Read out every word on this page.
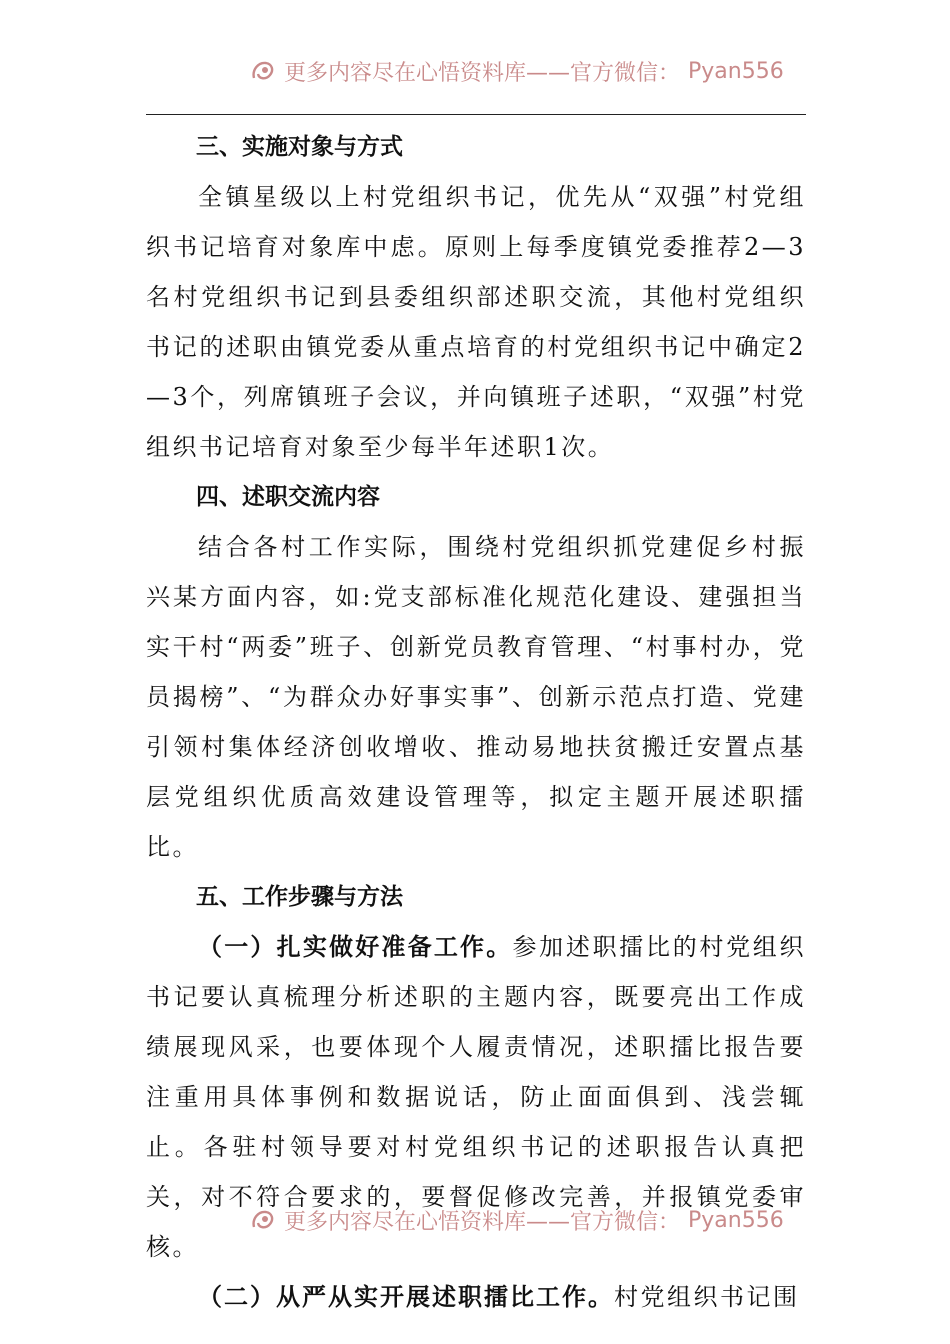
更多内容尽在心悟资料库——官方微信： Pyan556
三、实施对象与方式

全镇星级以上村党组织书记，优先从“双强”村党组织书记培育对象库中虑。原则上每季度镇党委推荐2—3名村党组织书记到县委组织部述职交流，其他村党组织书记的述职由镇党委从重点培育的村党组织书记中确定2—3个，列席镇班子会议，并向镇班子述职，“双强”村党组织书记培育对象至少每半年述职1次。

四、述职交流内容

结合各村工作实际，围绕村党组织抓党建促乡村振兴某方面内容，如:党支部标准化规范化建设、建强担当实干村“两委”班子、创新党员教育管理、“村事村办，党员揭榜”、“为群众办好事实事”、创新示范点打造、党建引领村集体经济创收增收、推动易地扶贫搬迁安置点基层党组织优质高效建设管理等，拟定主题开展述职擂比。

五、工作步骤与方法

（一）扎实做好准备工作。参加述职擂比的村党组织书记要认真梳理分析述职的主题内容，既要亮出工作成绩展现风采，也要体现个人履责情况，述职擂比报告要注重用具体事例和数据说话，防止面面俱到、浅尝辄止。各驻村领导要对村党组织书记的述职报告认真把关，对不符合要求的，要督促修改完善，并报镇党委审核。

（二）从严从实开展述职擂比工作。村党组织书记围

更多内容尽在心悟资料库——官方微信： Pyan556
